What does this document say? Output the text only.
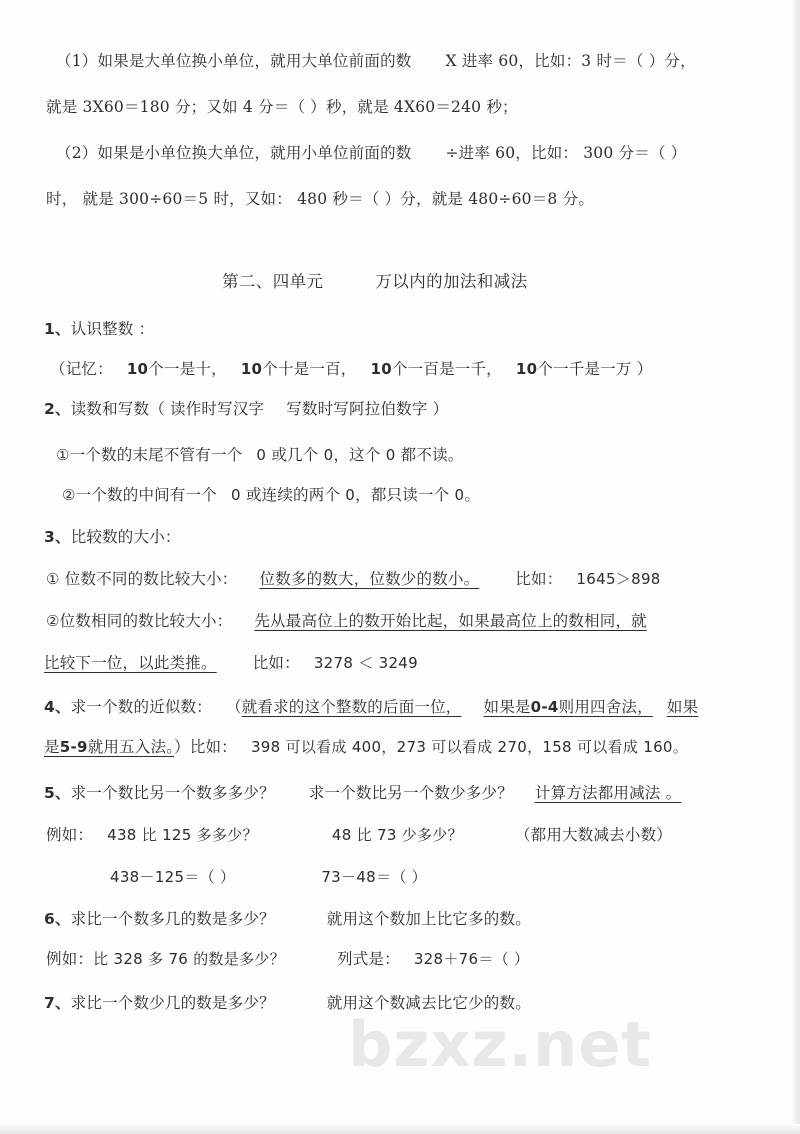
（1）如果是大单位换小单位，就用大单位前面的数 X 进率 60，比如：3 时＝（ ）分，
就是 3X60＝180 分；又如 4 分＝（ ）秒，就是 4X60＝240 秒；
（2）如果是小单位换大单位，就用小单位前面的数 ÷进率 60，比如： 300 分＝（ ）
时， 就是 300÷60＝5 时，又如： 480 秒＝（ ）分，就是 480÷60＝8 分。
第二、四单元	万以内的加法和减法
1、认识整数 ：
（记忆： 10个一是十， 10个十是一百， 10个一百是一千， 10个一千是一万 ）
2、读数和写数（ 读作时写汉字 写数时写阿拉伯数字 ）
①一个数的末尾不管有一个 0 或几个 0，这个 0 都不读。
②一个数的中间有一个 0 或连续的两个 0，都只读一个 0。
3、比较数的大小：
① 位数不同的数比较大小： 位数多的数大，位数少的数小。 比如： 1645＞898
②位数相同的数比较大小： 先从最高位上的数开始比起，如果最高位上的数相同，就
比较下一位，以此类推。 比如： 3278 ＜ 3249
4、求一个数的近似数： （就看求的这个整数的后面一位， 如果是0-4则用四舍法， 如果
是5-9就用五入法。）比如： 398 可以看成 400，273 可以看成 270，158 可以看成 160。
5、求一个数比另一个数多多少？ 求一个数比另一个数少多少？ 计算方法都用减法 。
例如： 438 比 125 多多少？	48 比 73 少多少？	（都用大数减去小数）
438－125＝（ ）	73－48＝（ ）
6、求比一个数多几的数是多少？	就用这个数加上比它多的数。
例如：比 328 多 76 的数是多少？	列式是： 328＋76＝（ ）
7、求比一个数少几的数是多少？	就用这个数减去比它少的数。
bzxz.net
